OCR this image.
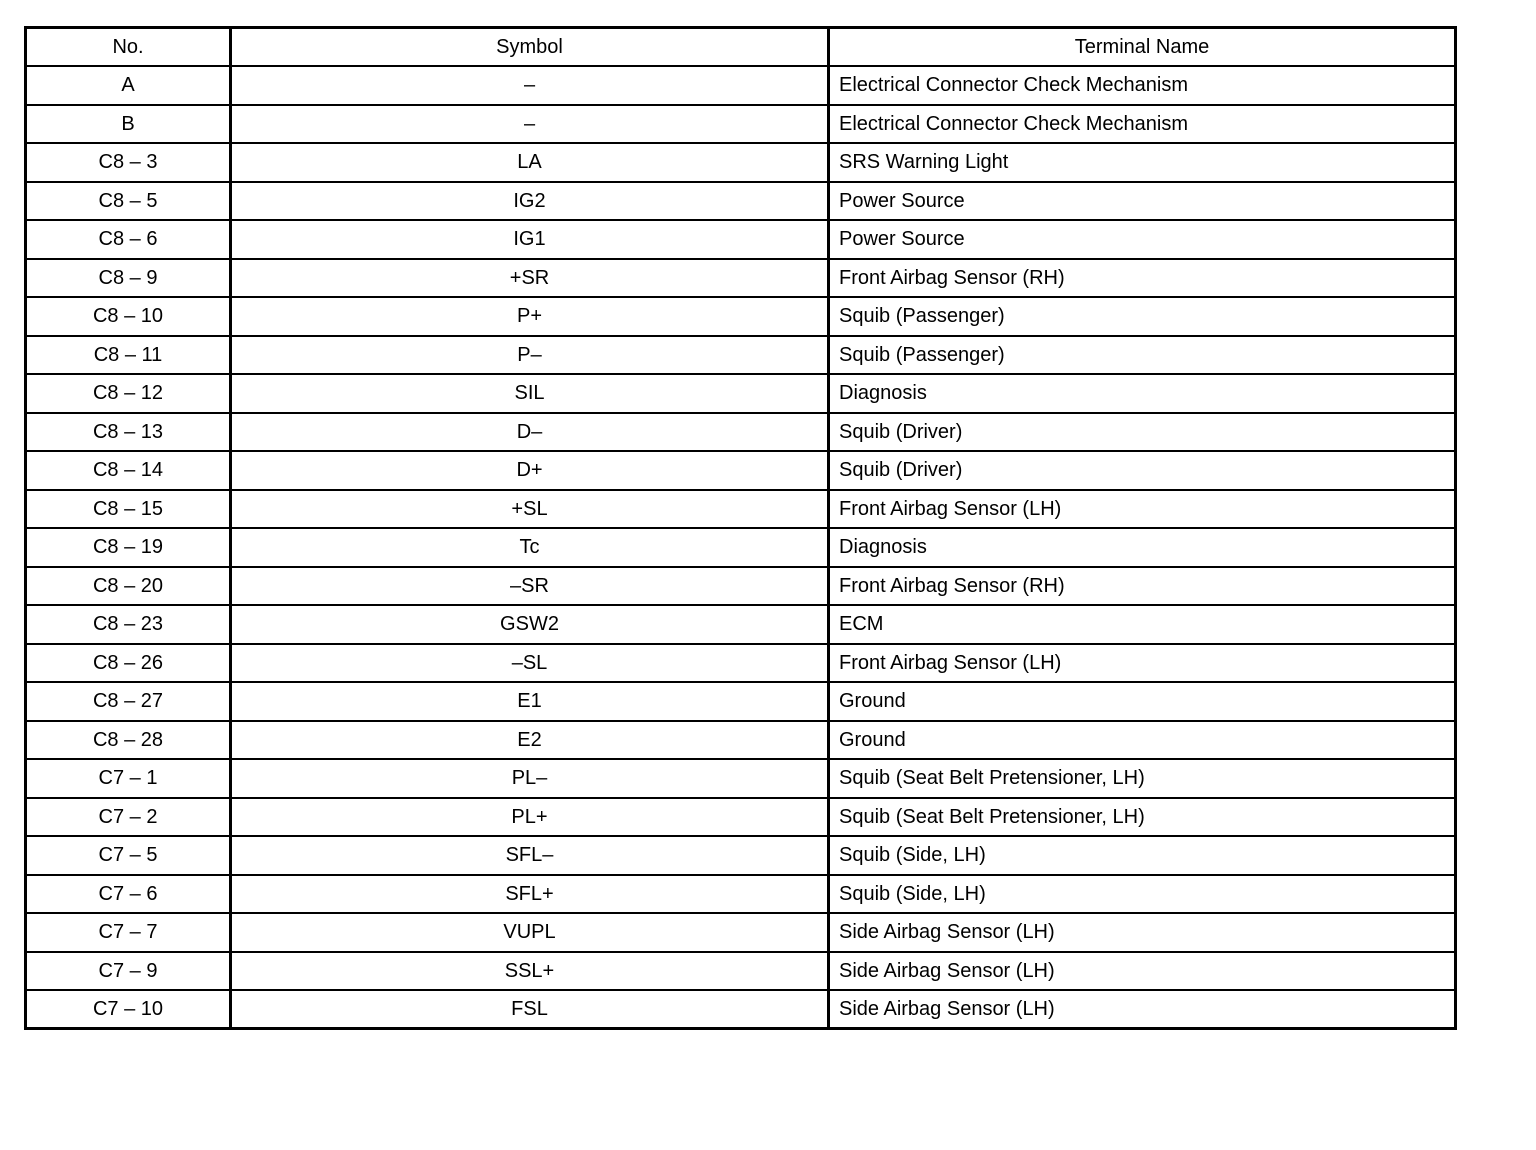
No.	Symbol	Terminal Name
A	–	Electrical Connector Check Mechanism
B	–	Electrical Connector Check Mechanism
C8 – 3	LA	SRS Warning Light
C8 – 5	IG2	Power Source
C8 – 6	IG1	Power Source
C8 – 9	+SR	Front Airbag Sensor (RH)
C8 – 10	P+	Squib (Passenger)
C8 – 11	P–	Squib (Passenger)
C8 – 12	SIL	Diagnosis
C8 – 13	D–	Squib (Driver)
C8 – 14	D+	Squib (Driver)
C8 – 15	+SL	Front Airbag Sensor (LH)
C8 – 19	Tc	Diagnosis
C8 – 20	–SR	Front Airbag Sensor (RH)
C8 – 23	GSW2	ECM
C8 – 26	–SL	Front Airbag Sensor (LH)
C8 – 27	E1	Ground
C8 – 28	E2	Ground
C7 – 1	PL–	Squib (Seat Belt Pretensioner, LH)
C7 – 2	PL+	Squib (Seat Belt Pretensioner, LH)
C7 – 5	SFL–	Squib (Side, LH)
C7 – 6	SFL+	Squib (Side, LH)
C7 – 7	VUPL	Side Airbag Sensor (LH)
C7 – 9	SSL+	Side Airbag Sensor (LH)
C7 – 10	FSL	Side Airbag Sensor (LH)
